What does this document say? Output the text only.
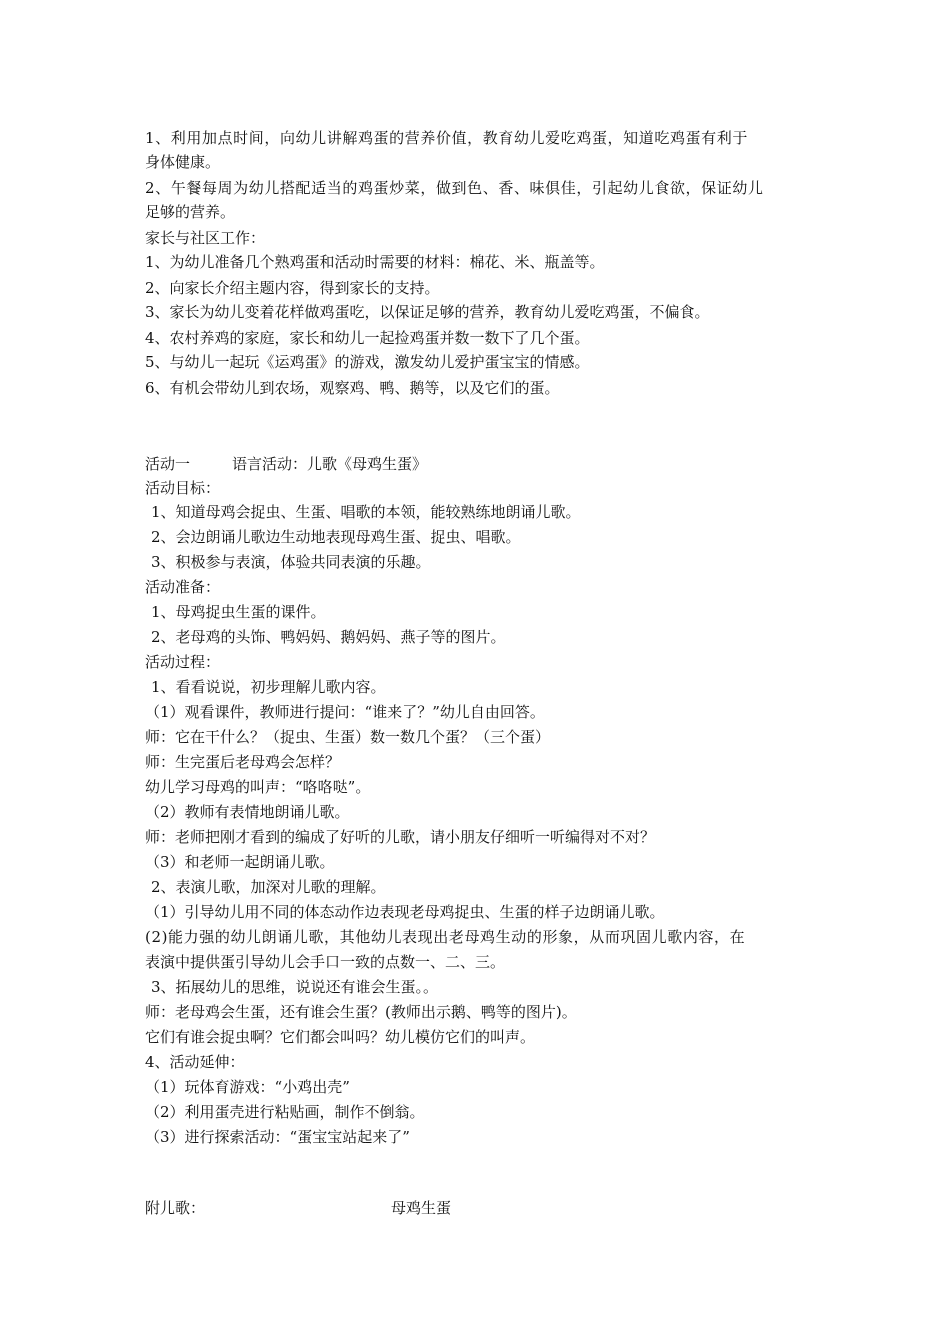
1、利用加点时间，向幼儿讲解鸡蛋的营养价值，教育幼儿爱吃鸡蛋，知道吃鸡蛋有利于
身体健康。
2、午餐每周为幼儿搭配适当的鸡蛋炒菜，做到色、香、味俱佳，引起幼儿食欲，保证幼儿
足够的营养。
家长与社区工作：
1、为幼儿准备几个熟鸡蛋和活动时需要的材料：棉花、米、瓶盖等。
2、向家长介绍主题内容，得到家长的支持。
3、家长为幼儿变着花样做鸡蛋吃，以保证足够的营养，教育幼儿爱吃鸡蛋，不偏食。
4、农村养鸡的家庭，家长和幼儿一起捡鸡蛋并数一数下了几个蛋。
5、与幼儿一起玩《运鸡蛋》的游戏，激发幼儿爱护蛋宝宝的情感。
6、有机会带幼儿到农场，观察鸡、鸭、鹅等，以及它们的蛋。
活动一	语言活动：儿歌《母鸡生蛋》
活动目标：
1、知道母鸡会捉虫、生蛋、唱歌的本领，能较熟练地朗诵儿歌。
2、会边朗诵儿歌边生动地表现母鸡生蛋、捉虫、唱歌。
3、积极参与表演，体验共同表演的乐趣。
活动准备：
1、母鸡捉虫生蛋的课件。
2、老母鸡的头饰、鸭妈妈、鹅妈妈、燕子等的图片。
活动过程：
1、看看说说，初步理解儿歌内容。
（1）观看课件，教师进行提问：“谁来了？”幼儿自由回答。
师：它在干什么？（捉虫、生蛋）数一数几个蛋？（三个蛋）
师：生完蛋后老母鸡会怎样？
幼儿学习母鸡的叫声：“咯咯哒”。
（2）教师有表情地朗诵儿歌。
师：老师把刚才看到的编成了好听的儿歌，请小朋友仔细听一听编得对不对？
（3）和老师一起朗诵儿歌。
2、表演儿歌，加深对儿歌的理解。
（1）引导幼儿用不同的体态动作边表现老母鸡捉虫、生蛋的样子边朗诵儿歌。
(2)能力强的幼儿朗诵儿歌，其他幼儿表现出老母鸡生动的形象，从而巩固儿歌内容，在
表演中提供蛋引导幼儿会手口一致的点数一、二、三。
3、拓展幼儿的思维，说说还有谁会生蛋。。
师：老母鸡会生蛋，还有谁会生蛋？(教师出示鹅、鸭等的图片)。
它们有谁会捉虫啊？它们都会叫吗？幼儿模仿它们的叫声。
4、活动延伸：
（1）玩体育游戏：“小鸡出壳”
（2）利用蛋壳进行粘贴画，制作不倒翁。
（3）进行探索活动：“蛋宝宝站起来了”
附儿歌：	母鸡生蛋
